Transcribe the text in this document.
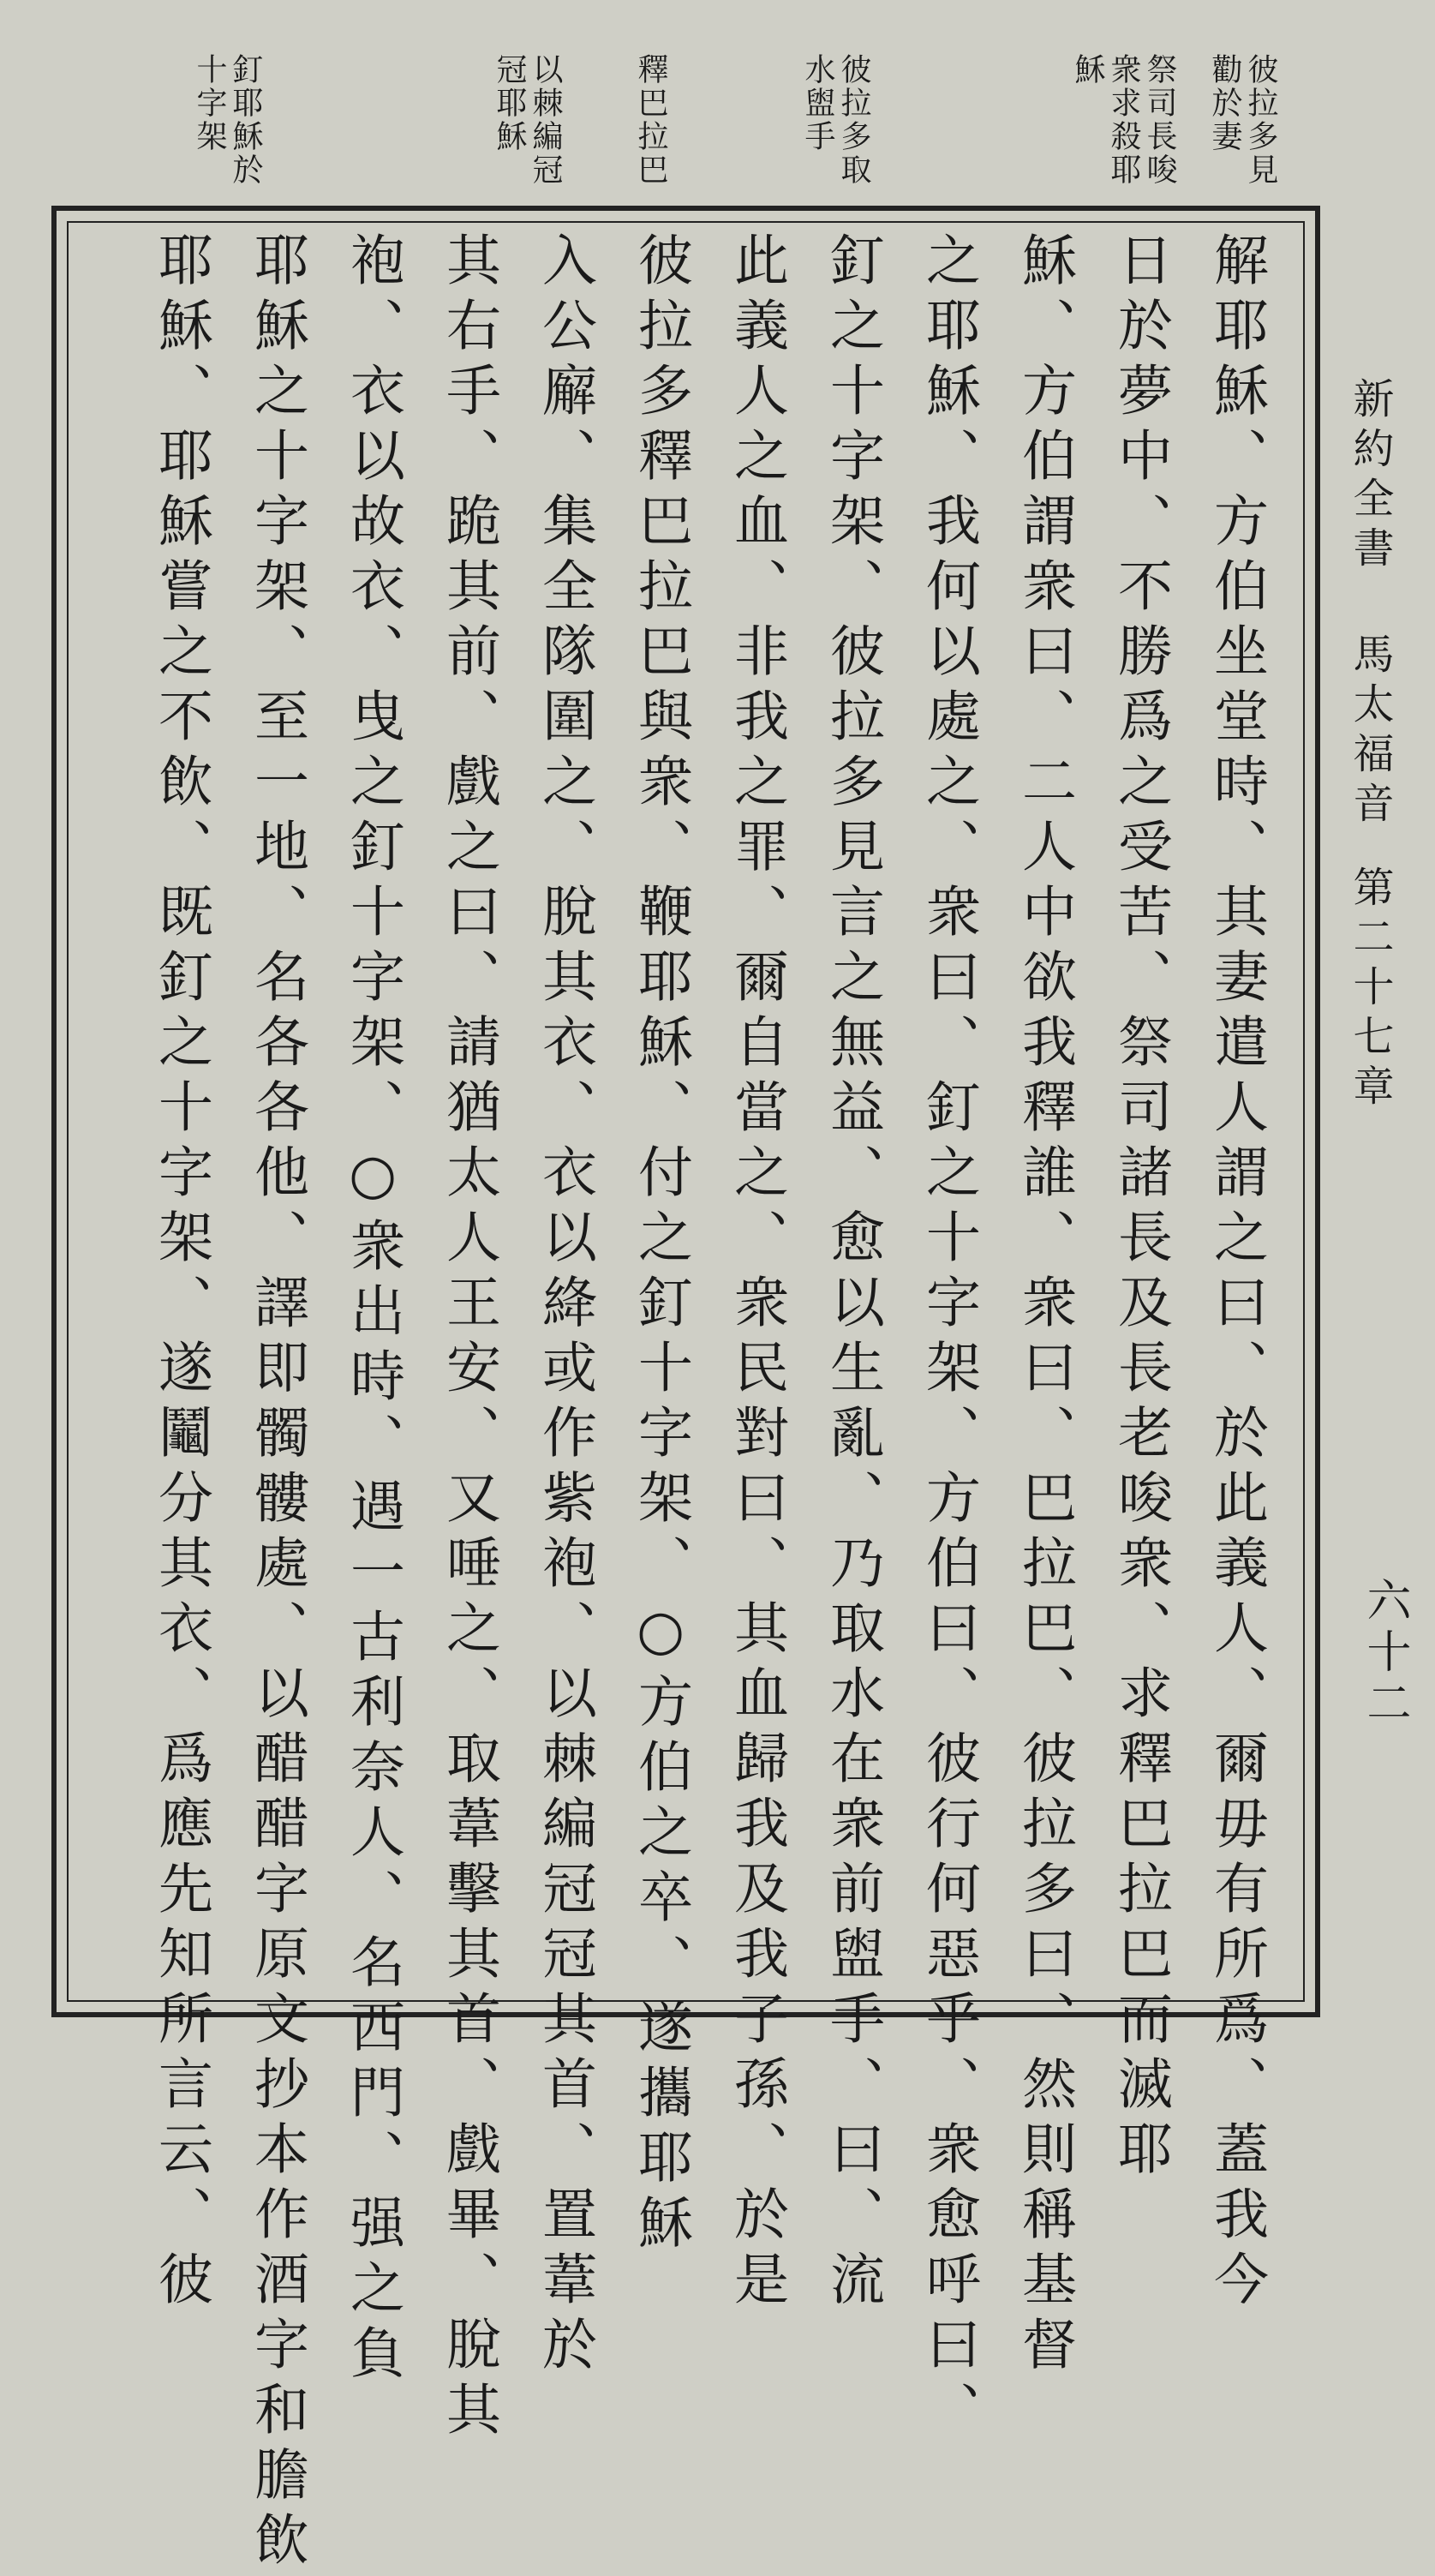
彼拉多見
勸於妻
祭司長唆
衆求殺耶
穌
彼拉多取
水盥手
釋巴拉巴
以棘編冠
冠耶穌
釘耶穌於
十字架
新約全書 馬太福音第二十七章
六十二
解耶穌、方伯坐堂時、其妻遣人謂之曰、於此義人、爾毋有所爲、蓋我今
日於夢中、不勝爲之受苦、祭司諸長及長老唆衆、求釋巴拉巴而滅耶
穌、方伯謂衆曰、二人中欲我釋誰、衆曰、巴拉巴、彼拉多曰、然則稱基督
之耶穌、我何以處之、衆曰、釘之十字架、方伯曰、彼行何惡乎、衆愈呼曰、
釘之十字架、彼拉多見言之無益、愈以生亂、乃取水在衆前盥手、曰、流
此義人之血、非我之罪、爾自當之、衆民對曰、其血歸我及我子孫、於是
彼拉多釋巴拉巴與衆、鞭耶穌、付之釘十字架、○方伯之卒、遂攜耶穌
入公廨、集全隊圍之、脫其衣、衣以絳或作紫袍、以棘編冠冠其首、置葦於
其右手、跪其前、戲之曰、請猶太人王安、又唾之、取葦擊其首、戲畢、脫其
袍、衣以故衣、曳之釘十字架、○衆出時、遇一古利奈人、名西門、强之負
耶穌之十字架、至一地、名各各他、譯即髑髏處、以醋醋字原文抄本作酒字和膽飲
耶穌、耶穌嘗之不飲、既釘之十字架、遂鬮分其衣、爲應先知所言云、彼
